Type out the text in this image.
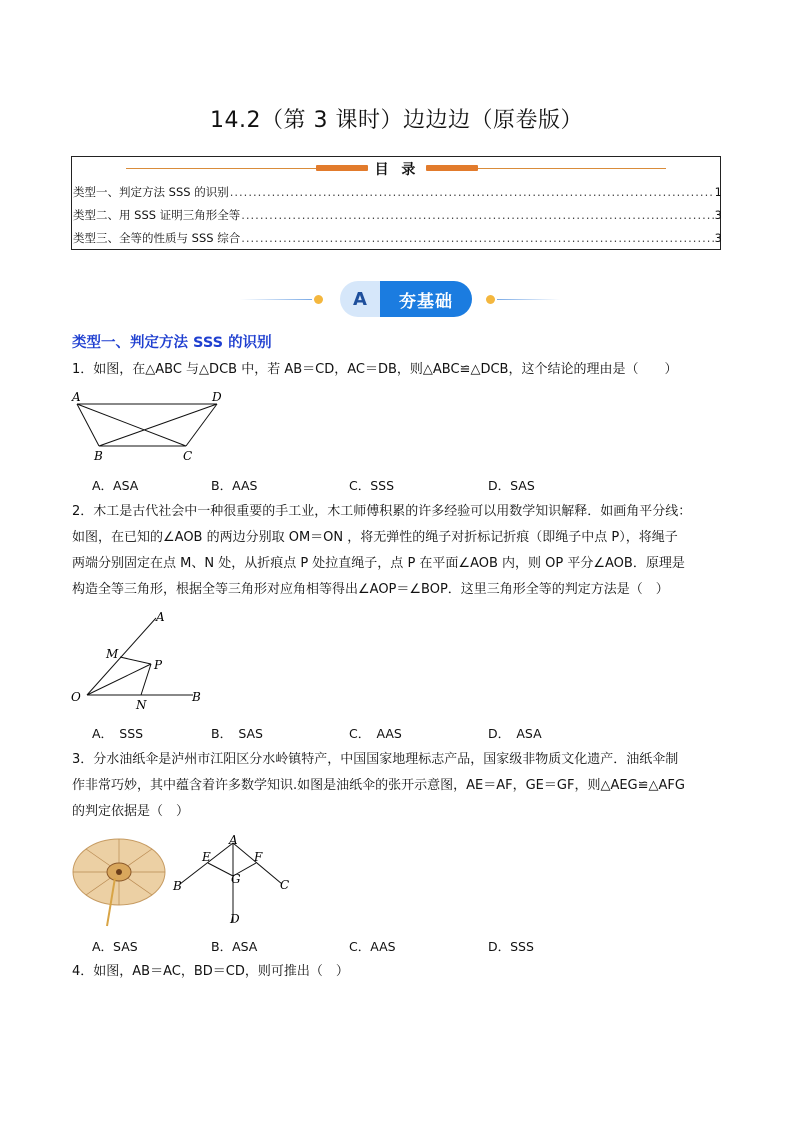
14.2（第 3 课时）边边边（原卷版）
目 录
类型一、判定方法 SSS 的识别 .....	1
类型二、用 SSS 证明三角形全等 .....	3
类型三、全等的性质与 SSS 综合 .....	3
A	夯基础
类型一、判定方法 SSS 的识别
1．如图，在△ABC 与△DCB 中，若 AB＝CD，AC＝DB，则△ABC≌△DCB，这个结论的理由是（　　）
A	D
B	C
A．ASA	B．AAS	C．SSS	D．SAS
2．木工是古代社会中一种很重要的手工业，木工师傅积累的许多经验可以用数学知识解释．如画角平分线：
如图，在已知的∠AOB 的两边分别取 OM＝ON ，将无弹性的绳子对折标记折痕（即绳子中点 P），将绳子
两端分别固定在点 M、N 处，从折痕点 P 处拉直绳子，点 P 在平面∠AOB 内，则 OP 平分∠AOB．原理是
构造全等三角形，根据全等三角形对应角相等得出∠AOP＝∠BOP．这里三角形全等的判定方法是（　）
A
M
P
O
N
B
A．　SSS	B．　SAS	C．　AAS	D．　ASA
3．分水油纸伞是泸州市江阳区分水岭镇特产，中国国家地理标志产品，国家级非物质文化遗产．油纸伞制
作非常巧妙，其中蕴含着许多数学知识.如图是油纸伞的张开示意图，AE＝AF，GE＝GF，则△AEG≌△AFG
的判定依据是（　）
A
E	F
B	G	C
D
A．SAS	B．ASA	C．AAS	D．SSS
4．如图，AB＝AC，BD＝CD，则可推出（　）
